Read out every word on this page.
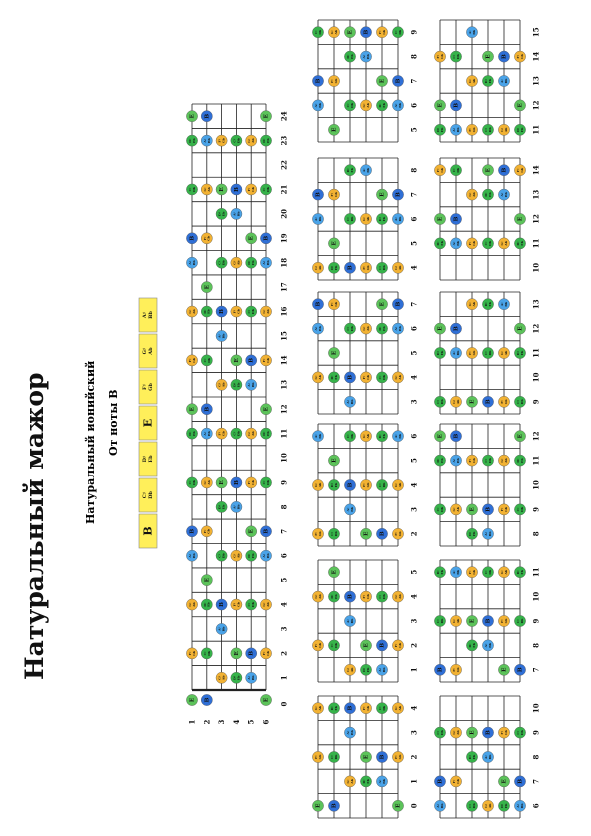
Натуральный мажор	Натуральный ионийский От ноты B
B
C♯ Db
D♯ Eb
E
F♯ Gb
G♯ Ab
A♯ Bb
0
1
2
3
4
5
6
7
8
9
10
11
12
13
14
15
16
17
18
19
20
21
22
23
24
1 2 3 4 5 6
E
F♯ Gb
G♯ Ab
A♯ Bb
B
C♯ Db
D♯ Eb
E
F♯ Gb
G♯ Ab
A♯ Bb
B
C♯ Db
D♯ Eb
E
B
C♯ Db
D♯ Eb
E
F♯ Gb
G♯ Ab
A♯ Bb
B
C♯ Db
D♯ Eb
E
F♯ Gb
G♯ Ab
A♯ Bb
B
G♯ Ab
A♯ Bb
B
C♯ Db
D♯ Eb
E
F♯ Gb
G♯ Ab
A♯ Bb
B
C♯ Db
D♯ Eb
E
F♯ Gb
D♯ Eb
E
F♯ Gb
G♯ Ab
A♯ Bb
B
C♯ Db
D♯ Eb
E
F♯ Gb
G♯ Ab
A♯ Bb
B
C♯ Db
A♯ Bb
B
C♯ Db
D♯ Eb
E
F♯ Gb
G♯ Ab
A♯ Bb
B
C♯ Db
D♯ Eb
E
F♯ Gb
G♯ Ab
E
F♯ Gb
G♯ Ab
A♯ Bb
B
C♯ Db
D♯ Eb
E
F♯ Gb
G♯ Ab
A♯ Bb
B
C♯ Db
D♯ Eb
E
0
1
2
3
4
E
F♯ Gb
G♯ Ab
B
C♯ Db
D♯ Eb
G♯ Ab
A♯ Bb
B
D♯ Eb
E
F♯ Gb
A♯ Bb
B
C♯ Db
E
F♯ Gb
G♯ Ab
1
2
3
4
5
F♯ Gb
G♯ Ab
C♯ Db
D♯ Eb
E
G♯ Ab
A♯ Bb
B
D♯ Eb
E
F♯ Gb
A♯ Bb
B
C♯ Db
F♯ Gb
G♯ Ab
2
3
4
5
6
F♯ Gb
G♯ Ab
A♯ Bb
C♯ Db
D♯ Eb
E
A♯ Bb
B
C♯ Db
E
F♯ Gb
G♯ Ab
B
C♯ Db
D♯ Eb
F♯ Gb
G♯ Ab
A♯ Bb
3
4
5
6
7
G♯ Ab
A♯ Bb
B
D♯ Eb
E
F♯ Gb
A♯ Bb
B
C♯ Db
F♯ Gb
G♯ Ab
C♯ Db
D♯ Eb
E
G♯ Ab
A♯ Bb
B
4
5
6
7
8
G♯ Ab
A♯ Bb
B
D♯ Eb
E
F♯ Gb
B
C♯ Db
D♯ Eb
F♯ Gb
G♯ Ab
A♯ Bb
C♯ Db
D♯ Eb
E
G♯ Ab
A♯ Bb
B
5
6
7
8
9
A♯ Bb
B
C♯ Db
E
F♯ Gb
G♯ Ab
C♯ Db
D♯ Eb
E
G♯ Ab
A♯ Bb
B
D♯ Eb
E
F♯ Gb
A♯ Bb
B
C♯ Db
6
7
8
9
10
A♯ Bb
B
C♯ Db
F♯ Gb
G♯ Ab
C♯ Db
D♯ Eb
E
G♯ Ab
A♯ Bb
B
D♯ Eb
E
F♯ Gb
A♯ Bb
B
C♯ Db
7
8
9
10
11
B
C♯ Db
D♯ Eb
F♯ Gb
G♯ Ab
A♯ Bb
D♯ Eb
E
F♯ Gb
A♯ Bb
B
C♯ Db
E
F♯ Gb
G♯ Ab
B
C♯ Db
D♯ Eb
8
9
10
11
12
C♯ Db
D♯ Eb
E
G♯ Ab
A♯ Bb
B
D♯ Eb
E
F♯ Gb
A♯ Bb
B
C♯ Db
F♯ Gb
G♯ Ab
C♯ Db
D♯ Eb
E
9
10
11
12
13
C♯ Db
D♯ Eb
E
G♯ Ab
A♯ Bb
B
E
F♯ Gb
G♯ Ab
B
C♯ Db
D♯ Eb
F♯ Gb
G♯ Ab
A♯ Bb
C♯ Db
D♯ Eb
E
10
11
12
13
14
D♯ Eb
E
F♯ Gb
A♯ Bb
B
C♯ Db
F♯ Gb
G♯ Ab
C♯ Db
D♯ Eb
E
G♯ Ab
A♯ Bb
B
D♯ Eb
E
F♯ Gb
11
12
13
14
15
D♯ Eb
E
F♯ Gb
A♯ Bb
B
C♯ Db
F♯ Gb
G♯ Ab
A♯ Bb
C♯ Db
D♯ Eb
E
G♯ Ab
A♯ Bb
B
D♯ Eb
E
F♯ Gb
